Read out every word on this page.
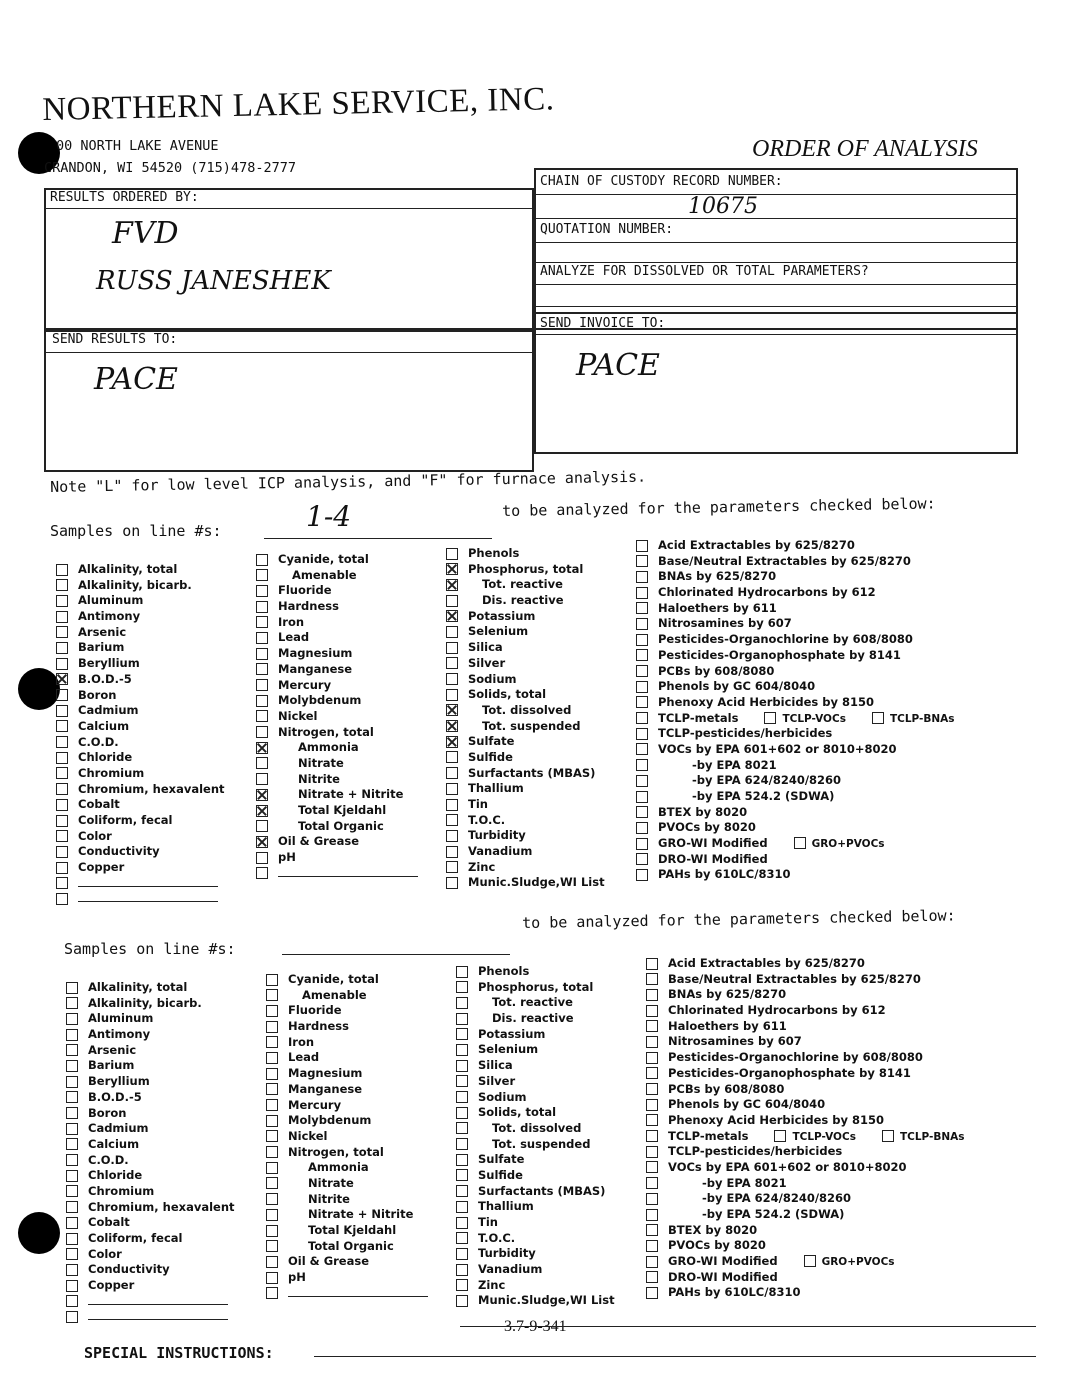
NORTHERN LAKE SERVICE, INC.
00 NORTH LAKE AVENUE
CRANDON, WI 54520 (715)478-2777
ORDER OF ANALYSIS
RESULTS ORDERED BY:
FVD
RUSS JANESHEK
CHAIN OF CUSTODY RECORD NUMBER:
10675
QUOTATION NUMBER:
ANALYZE FOR DISSOLVED OR TOTAL PARAMETERS?
SEND RESULTS TO:
PACE
SEND INVOICE TO:
PACE
Note "L" for low level ICP analysis, and "F" for furnace analysis.
Samples on line #s:	1-4	to be analyzed for the parameters checked below:
Alkalinity, total
Alkalinity, bicarb.
Aluminum
Antimony
Arsenic
Barium
Beryllium
B.O.D.-5
Boron
Cadmium
Calcium
C.O.D.
Chloride
Chromium
Chromium, hexavalent
Cobalt
Coliform, fecal
Color
Conductivity
Copper
Cyanide, total
Amenable
Fluoride
Hardness
Iron
Lead
Magnesium
Manganese
Mercury
Molybdenum
Nickel
Nitrogen, total
Ammonia
Nitrate
Nitrite
Nitrate + Nitrite
Total Kjeldahl
Total Organic
Oil & Grease
pH
Phenols
Phosphorus, total
Tot. reactive
Dis. reactive
Potassium
Selenium
Silica
Silver
Sodium
Solids, total
Tot. dissolved
Tot. suspended
Sulfate
Sulfide
Surfactants (MBAS)
Thallium
Tin
T.O.C.
Turbidity
Vanadium
Zinc
Munic.Sludge,WI List
Acid Extractables by 625/8270
Base/Neutral Extractables by 625/8270
BNAs by 625/8270
Chlorinated Hydrocarbons by 612
Haloethers by 611
Nitrosamines by 607
Pesticides-Organochlorine by 608/8080
Pesticides-Organophosphate by 8141
PCBs by 608/8080
Phenols by GC 604/8040
Phenoxy Acid Herbicides by 8150
TCLP-metals	TCLP-VOCs	TCLP-BNAs
TCLP-pesticides/herbicides
VOCs by EPA 601+602 or 8010+8020
-by EPA 8021
-by EPA 624/8240/8260
-by EPA 524.2 (SDWA)
BTEX by 8020
PVOCs by 8020
GRO-WI Modified	GRO+PVOCs
DRO-WI Modified
PAHs by 610LC/8310
to be analyzed for the parameters checked below:
Samples on line #s:
Alkalinity, total
Alkalinity, bicarb.
Aluminum
Antimony
Arsenic
Barium
Beryllium
B.O.D.-5
Boron
Cadmium
Calcium
C.O.D.
Chloride
Chromium
Chromium, hexavalent
Cobalt
Coliform, fecal
Color
Conductivity
Copper
Cyanide, total
Amenable
Fluoride
Hardness
Iron
Lead
Magnesium
Manganese
Mercury
Molybdenum
Nickel
Nitrogen, total
Ammonia
Nitrate
Nitrite
Nitrate + Nitrite
Total Kjeldahl
Total Organic
Oil & Grease
pH
Phenols
Phosphorus, total
Tot. reactive
Dis. reactive
Potassium
Selenium
Silica
Silver
Sodium
Solids, total
Tot. dissolved
Tot. suspended
Sulfate
Sulfide
Surfactants (MBAS)
Thallium
Tin
T.O.C.
Turbidity
Vanadium
Zinc
Munic.Sludge,WI List
Acid Extractables by 625/8270
Base/Neutral Extractables by 625/8270
BNAs by 625/8270
Chlorinated Hydrocarbons by 612
Haloethers by 611
Nitrosamines by 607
Pesticides-Organochlorine by 608/8080
Pesticides-Organophosphate by 8141
PCBs by 608/8080
Phenols by GC 604/8040
Phenoxy Acid Herbicides by 8150
TCLP-metals	TCLP-VOCs	TCLP-BNAs
TCLP-pesticides/herbicides
VOCs by EPA 601+602 or 8010+8020
-by EPA 8021
-by EPA 624/8240/8260
-by EPA 524.2 (SDWA)
BTEX by 8020
PVOCs by 8020
GRO-WI Modified	GRO+PVOCs
DRO-WI Modified
PAHs by 610LC/8310
3.7-9-341
SPECIAL INSTRUCTIONS:
